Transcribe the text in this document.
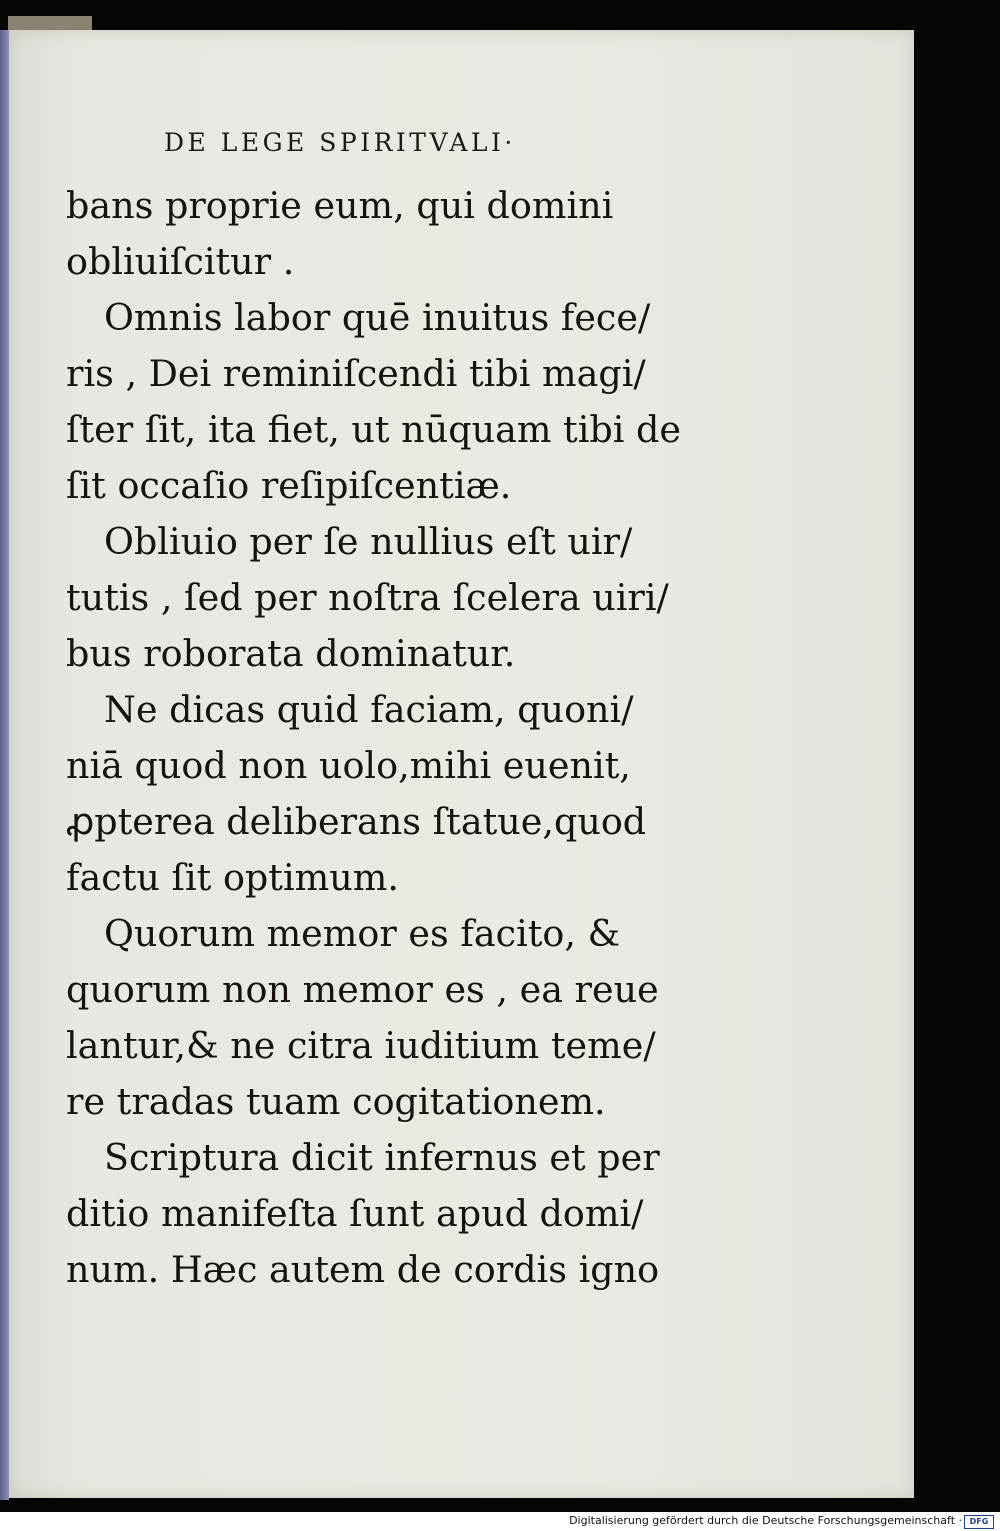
DE LEGE SPIRITVALI·
bans proprie eum, qui domini
obliuiſcitur .
Omnis labor quē inuitus fece/
ris , Dei reminiſcendi tibi magi/
ſter ſit, ita fiet, ut nūquam tibi de
ſit occaſio reſipiſcentiæ.
Obliuio per ſe nullius eſt uir/
tutis , ſed per noſtra ſcelera uiri/
bus roborata dominatur.
Ne dicas quid faciam, quoni/
niā quod non uolo,mihi euenit,
ꝓpterea deliberans ſtatue,quod
factu ſit optimum.
Quorum memor es facito, &
quorum non memor es , ea reue
lantur,& ne citra iuditium teme/
re tradas tuam cogitationem.
Scriptura dicit infernus et per
ditio manifeſta ſunt apud domi/
num. Hæc autem de cordis igno
Digitalisierung gefördert durch die Deutsche Forschungsgemeinschaft · DFG
